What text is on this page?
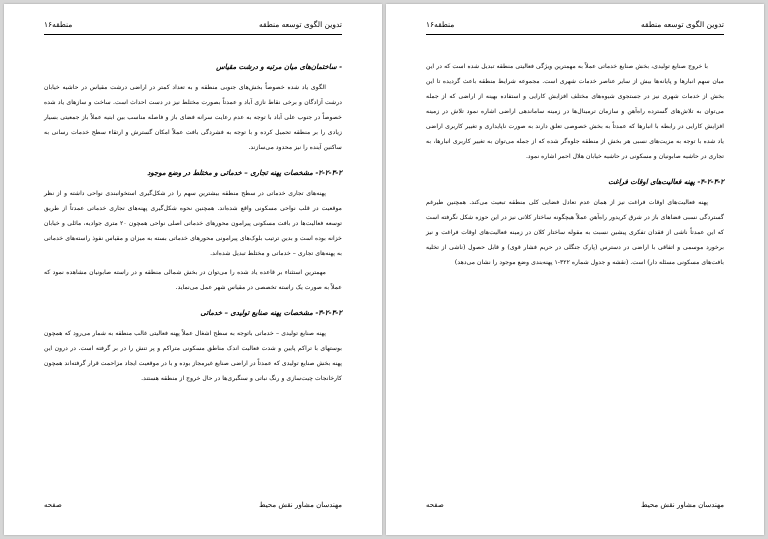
تدوین الگوی توسعه منطقه
منطقه۱۶
- ساختمان‌های میان مرتبه و درشت مقیاس

الگوی یاد شده خصوصاً بخش‌های جنوبی منطقه و به تعداد کمتر در اراضی درشت مقیاس در حاشیه خیابان درشت آزادگان و برخی نقاط نازی آباد و عمدتاً بصورت مختلط نیز در دست احداث است. ساخت و سازهای یاد شده خصوصاً در جنوب علی آباد با توجه به عدم رعایت سرانه فضای باز و فاصله مناسب بین ابنیه عملاً باز جمعیتی بسیار زیادی را بر منطقه تحمیل کرده و با توجه به فشردگی بافت عملاً امکان گسترش و ارتقاء سطح خدمات رسانی به ساکنین آینده را نیز محدود می‌سازند.

۲-۲-۳-۲- مشخصات پهنه تجاری – خدماتی و مختلط در وضع موجود

پهنه‌های تجاری خدماتی در سطح منطقه بیشترین سهم را در شکل‌گیری استخوانبندی نواحی داشته و از نظر موقعیت در قلب نواحی مسکونی واقع شده‌اند. همچنین نحوه شکل‌گیری پهنه‌های تجاری خدماتی عمدتاً از طریق توسعه فعالیت‌ها در بافت مسکونی پیرامون محورهای خدماتی اصلی نواحی همچون ۲۰ متری جوادیه، مائلی و خیابان خزانه بوده است و بدین ترتیب بلوک‌های پیرامونی محورهای خدماتی بسته به میزان و مقیاس نفوذ راسته‌های خدماتی به پهنه‌های تجاری – خدماتی و مختلط تبدیل شده‌اند.

مهمترین استثناء بر قاعده یاد شده را می‌توان در بخش شمالی منطقه و در راسته صابونیان مشاهده نمود که عملاً به صورت یک راسته تخصصی در مقیاس شهر عمل می‌نماید.

۳-۲-۳-۲- مشخصات پهنه صنایع تولیدی – خدماتی

پهنه صنایع تولیدی – خدماتی باتوجه به سطح اشغال عملاً پهنه فعالیتی غالب منطقه به شمار می‌رود که همچون بوستهای با تراکم پایین و شدت فعالیت اندک مناطق مسکونی متراکم و پر تنش را در بر گرفته است. در درون این پهنه بخش صنایع تولیدی که عمدتاً در اراضی صنایع غیرمجاز بوده و با در موقعیت ایجاد مزاحمت قرار گرفته‌اند همچون کارخانجات چیت‌سازی و رنگ نباتی و سنگبری‌ها در حال خروج از منطقه هستند.

مهندسان مشاور نقش محیط
صفحه
تدوین الگوی توسعه منطقه
منطقه۱۶

با خروج صنایع تولیدی، بخش صنایع خدماتی عملاً به مهمترین ویژگی فعالیتی منطقه تبدیل شده است که در این میان سهم انبارها و پایانه‌ها بیش از سایر عناصر خدمات شهری است. مجموعه شرایط منطقه باعث گردیده تا این بخش از خدمات شهری نیز در جستجوی شیوه‌های مختلف افزایش کارایی و استفاده بهینه از اراضی که از جمله می‌توان به تلاش‌های گسترده راه‌آهن و سازمان ترمینال‌ها در زمینه ساماندهی اراضی اشاره نمود تلاش در زمینه افزایش کارایی در رابطه با انبارها که عمدتاً به بخش خصوصی تعلق دارند به صورت ناپایداری و تغییر کاربری اراضی یاد شده با توجه به مزیت‌های نسبی هر بخش از منطقه جلوه‌گر شده که از جمله می‌توان به تغییر کاربری انبارها، به تجاری در حاشیه صابونیان و مسکونی در حاشیه خیابان هلال احمر اشاره نمود.

۴-۲-۳-۲- پهنه فعالیت‌های اوقات فراغت

پهنه فعالیت‌های اوقات فراغت نیز از همان عدم تعادل فضایی کلی منطقه تبعیت می‌کند. همچنین طیرغم گستردگی نسبی فضاهای باز در شرق کریدور راه‌آهن عملاً هیچگونه ساختار کلانی نیز در این حوزه شکل نگرفته است که این عمدتاً ناشی از فقدان تفکری پیشین نسبت به مقوله ساختار کلان در زمینه فعالیت‌های اوقات فراغت و نیز برخورد موسمی و اتفاقی با اراضی در دسترس (پارک جنگلی در حریم فشار قوی) و قابل حصول (ناشی از تخلیه بافت‌های مسکونی مسئله دار) است. (نقشه و جدول شماره ۳۲۲-۱ پهنه‌بندی وضع موجود را نشان می‌دهد)

مهندسان مشاور نقش محیط
صفحه
